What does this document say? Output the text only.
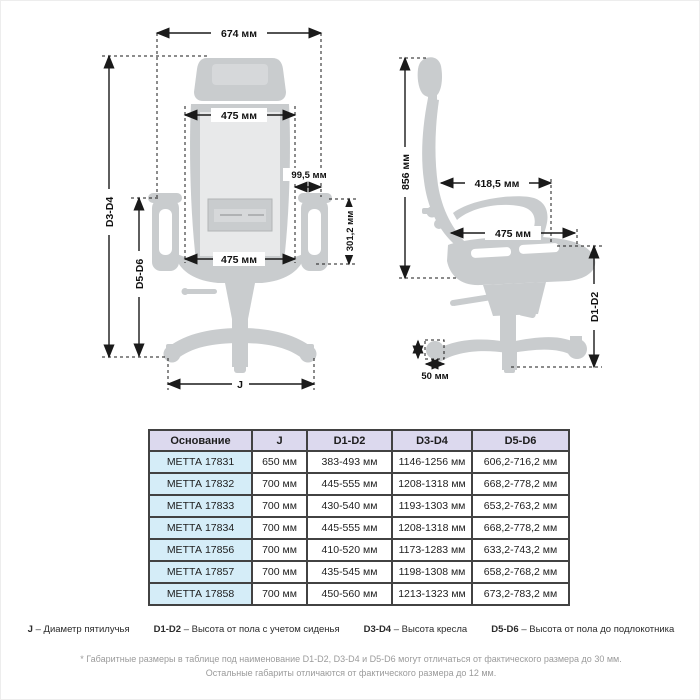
674 мм
475 мм
99,5 мм
301,2 мм
475 мм
D3-D4
D5-D6
J
856 мм	418,5 мм
475 мм
D1-D2
50 мм
Основание	J	D1-D2	D3-D4	D5-D6
МЕТТА 17831	650 мм	383-493 мм	1146-1256 мм	606,2-716,2 мм
МЕТТА 17832	700 мм	445-555 мм	1208-1318 мм	668,2-778,2 мм
МЕТТА 17833	700 мм	430-540 мм	1193-1303 мм	653,2-763,2 мм
МЕТТА 17834	700 мм	445-555 мм	1208-1318 мм	668,2-778,2 мм
МЕТТА 17856	700 мм	410-520 мм	1173-1283 мм	633,2-743,2 мм
МЕТТА 17857	700 мм	435-545 мм	1198-1308 мм	658,2-768,2 мм
МЕТТА 17858	700 мм	450-560 мм	1213-1323 мм	673,2-783,2 мм
J – Диаметр пятилучья	D1-D2 – Высота от пола с учетом сиденья	D3-D4 – Высота кресла	D5-D6 – Высота от пола до подлокотника
* Габаритные размеры в таблице под наименование D1-D2, D3-D4 и D5-D6 могут отличаться от фактического размера до 30 мм.
Остальные габариты отличаются от фактического размера до 12 мм.
